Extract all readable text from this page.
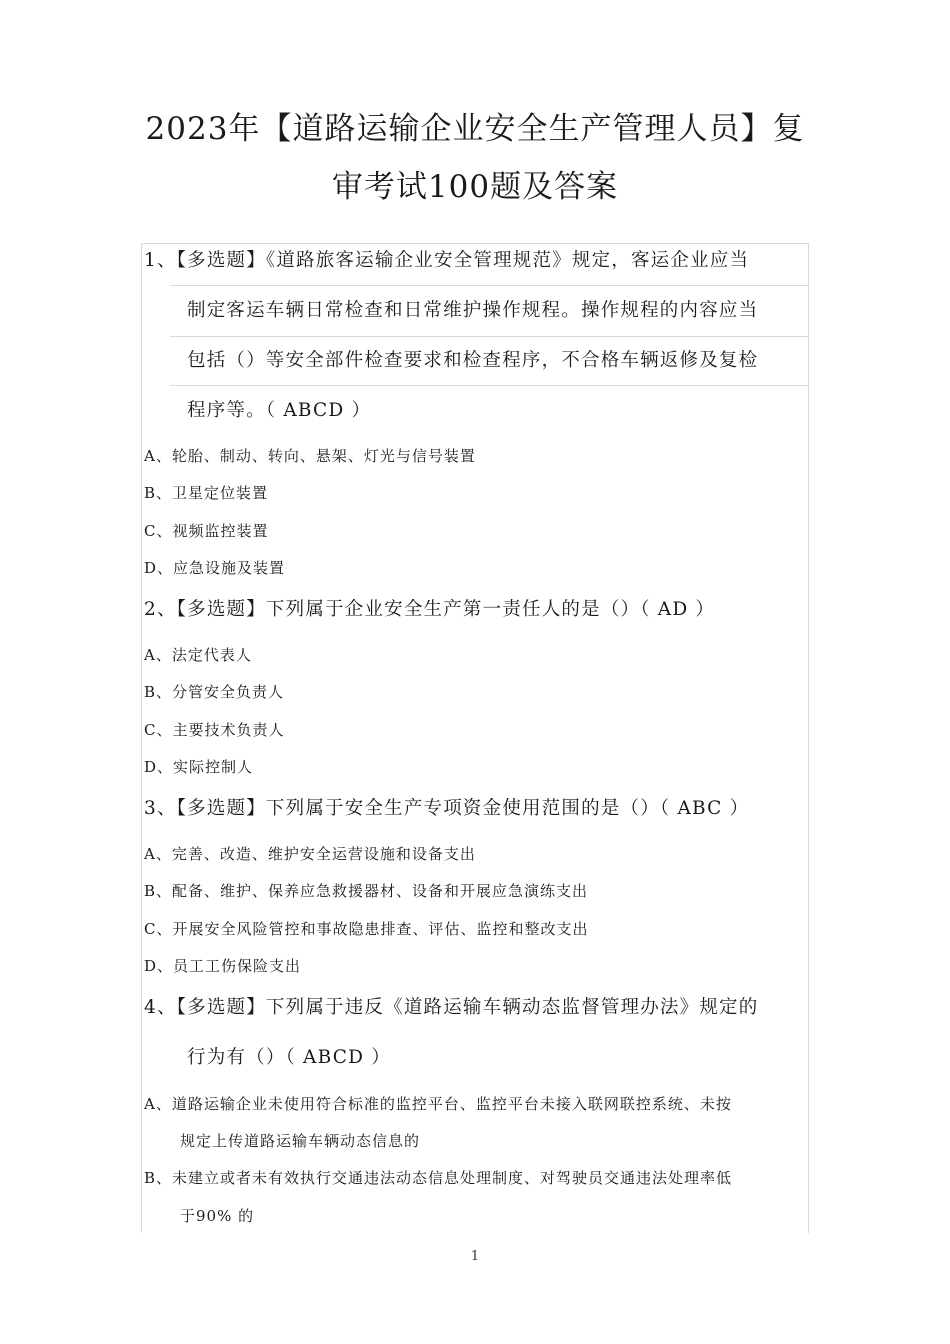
2023年【道路运输企业安全生产管理人员】复
审考试100题及答案
1、【多选题】《道路旅客运输企业安全管理规范》规定，客运企业应当
制定客运车辆日常检查和日常维护操作规程。操作规程的内容应当
包括（）等安全部件检查要求和检查程序，不合格车辆返修及复检
程序等。（ ABCD ）
A、轮胎、制动、转向、悬架、灯光与信号装置
B、卫星定位装置
C、视频监控装置
D、应急设施及装置
2、【多选题】下列属于企业安全生产第一责任人的是（）（ AD ）
A、法定代表人
B、分管安全负责人
C、主要技术负责人
D、实际控制人
3、【多选题】下列属于安全生产专项资金使用范围的是（）（ ABC ）
A、完善、改造、维护安全运营设施和设备支出
B、配备、维护、保养应急救援器材、设备和开展应急演练支出
C、开展安全风险管控和事故隐患排查、评估、监控和整改支出
D、员工工伤保险支出
4、【多选题】下列属于违反《道路运输车辆动态监督管理办法》规定的
行为有（）（ ABCD ）
A、道路运输企业未使用符合标准的监控平台、监控平台未接入联网联控系统、未按
规定上传道路运输车辆动态信息的
B、未建立或者未有效执行交通违法动态信息处理制度、对驾驶员交通违法处理率低
于90% 的
1
